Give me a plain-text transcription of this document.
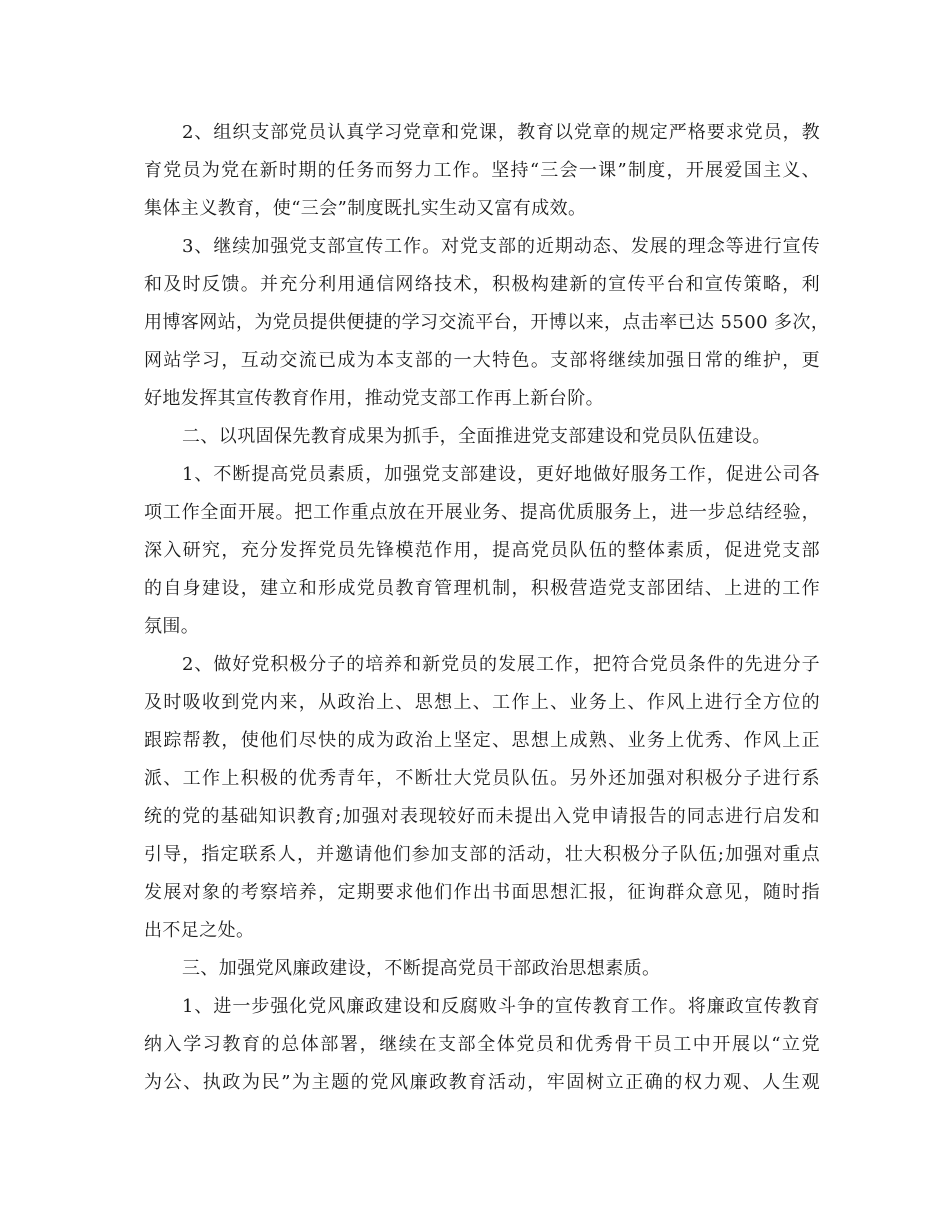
2、组织支部党员认真学习党章和党课，教育以党章的规定严格要求党员，教
育党员为党在新时期的任务而努力工作。坚持“三会一课”制度，开展爱国主义、
集体主义教育，使“三会”制度既扎实生动又富有成效。
3、继续加强党支部宣传工作。对党支部的近期动态、发展的理念等进行宣传
和及时反馈。并充分利用通信网络技术，积极构建新的宣传平台和宣传策略，利
用博客网站，为党员提供便捷的学习交流平台，开博以来，点击率已达 5500 多次，
网站学习，互动交流已成为本支部的一大特色。支部将继续加强日常的维护，更
好地发挥其宣传教育作用，推动党支部工作再上新台阶。
二、以巩固保先教育成果为抓手，全面推进党支部建设和党员队伍建设。
1、不断提高党员素质，加强党支部建设，更好地做好服务工作，促进公司各
项工作全面开展。把工作重点放在开展业务、提高优质服务上，进一步总结经验，
深入研究，充分发挥党员先锋模范作用，提高党员队伍的整体素质，促进党支部
的自身建设，建立和形成党员教育管理机制，积极营造党支部团结、上进的工作
氛围。
2、做好党积极分子的培养和新党员的发展工作，把符合党员条件的先进分子
及时吸收到党内来，从政治上、思想上、工作上、业务上、作风上进行全方位的
跟踪帮教，使他们尽快的成为政治上坚定、思想上成熟、业务上优秀、作风上正
派、工作上积极的优秀青年，不断壮大党员队伍。另外还加强对积极分子进行系
统的党的基础知识教育;加强对表现较好而未提出入党申请报告的同志进行启发和
引导，指定联系人，并邀请他们参加支部的活动，壮大积极分子队伍;加强对重点
发展对象的考察培养，定期要求他们作出书面思想汇报，征询群众意见，随时指
出不足之处。
三、加强党风廉政建设，不断提高党员干部政治思想素质。
1、进一步强化党风廉政建设和反腐败斗争的宣传教育工作。将廉政宣传教育
纳入学习教育的总体部署，继续在支部全体党员和优秀骨干员工中开展以“立党
为公、执政为民”为主题的党风廉政教育活动，牢固树立正确的权力观、人生观
